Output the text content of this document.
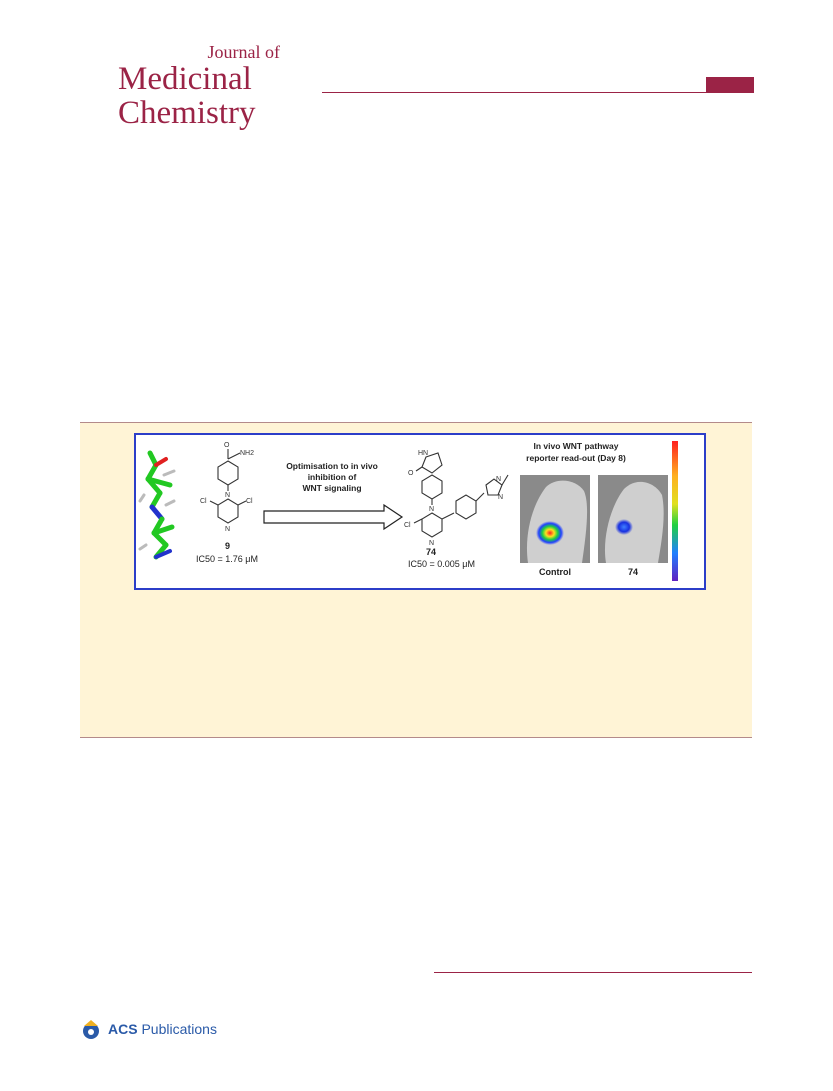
Journal of
Medicinal
Chemistry
O
NH2
N
Cl	Cl
N
9
IC50 = 1.76 μM
Optimisation to in vivo
inhibition of
WNT signaling
HN
O
N
Cl
N
N
N
74
IC50 = 0.005 μM
In vivo WNT pathway
reporter read-out (Day 8)
Control	74
ACS Publications
